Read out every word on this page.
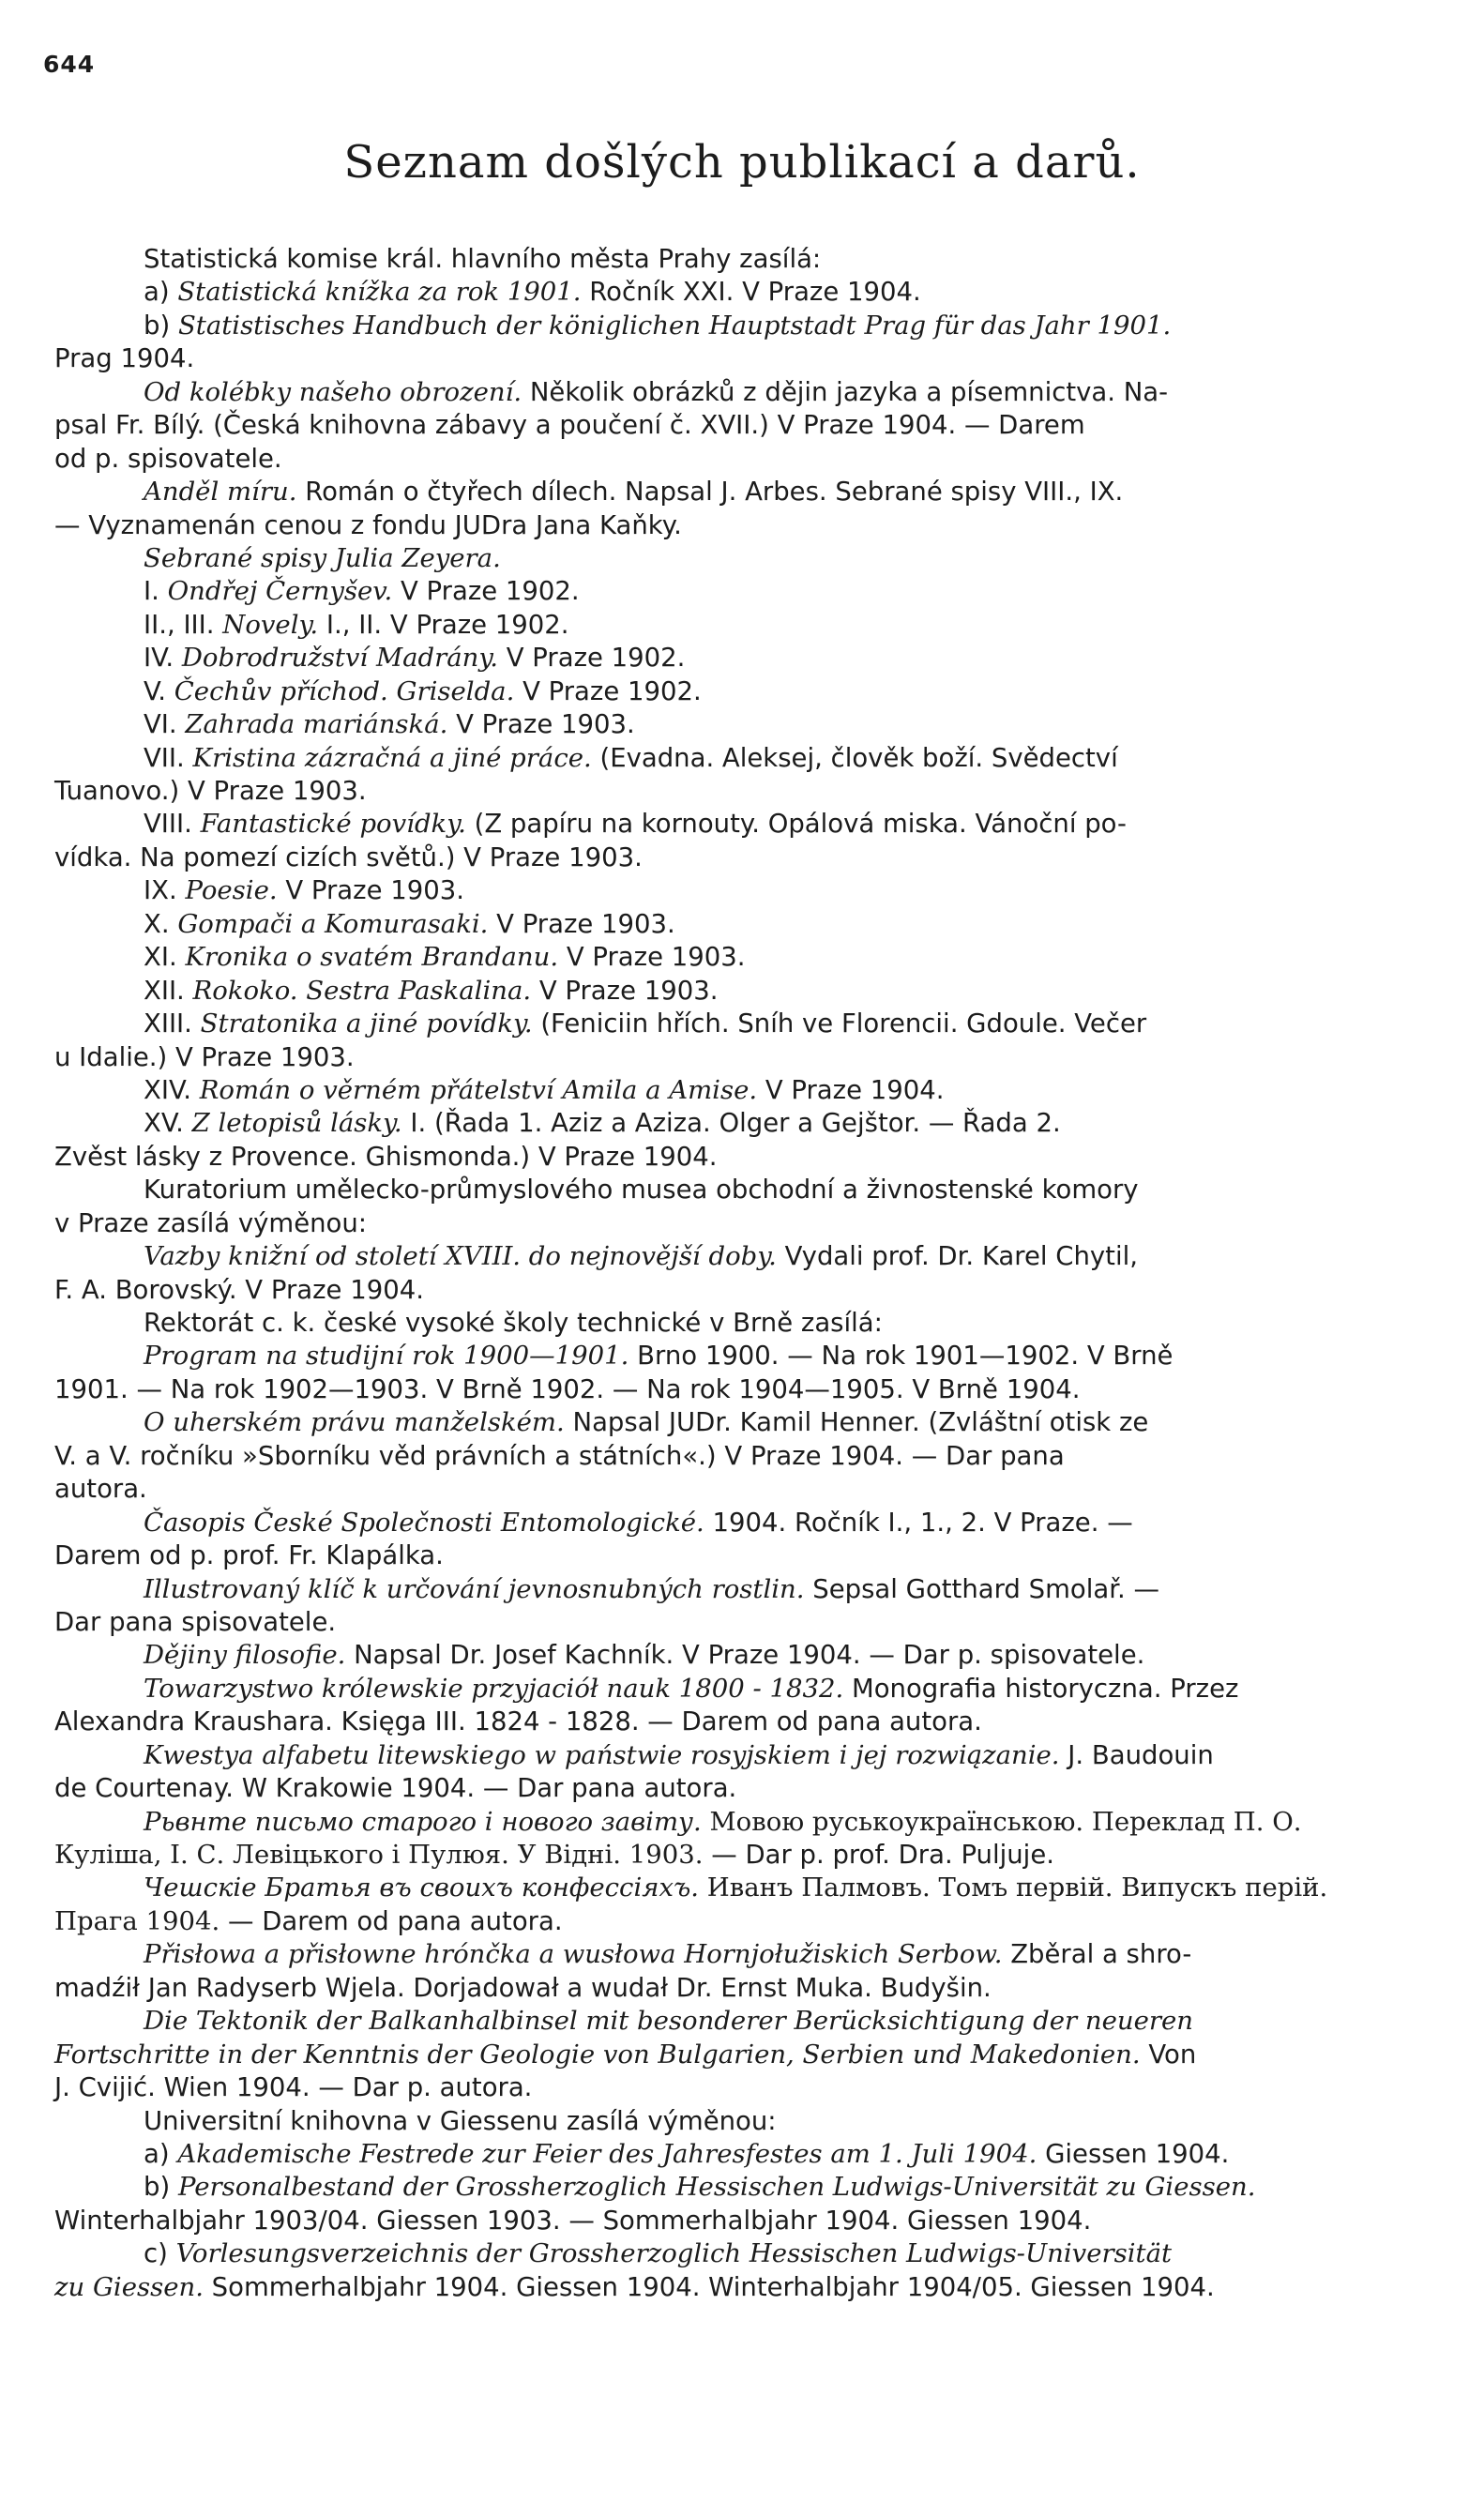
644
Seznam došlých publikací a darů.
Statistická komise král. hlavního města Prahy zasílá:
a) Statistická knížka za rok 1901. Ročník XXI. V Praze 1904.
b) Statistisches Handbuch der königlichen Hauptstadt Prag für das Jahr 1901.
Prag 1904.
Od kolébky našeho obrození. Několik obrázků z dějin jazyka a písemnictva. Na-
psal Fr. Bílý. (Česká knihovna zábavy a poučení č. XVII.) V Praze 1904. — Darem
od p. spisovatele.
Anděl míru. Román o čtyřech dílech. Napsal J. Arbes. Sebrané spisy VIII., IX.
— Vyznamenán cenou z fondu JUDra Jana Kaňky.
Sebrané spisy Julia Zeyera.
I. Ondřej Černyšev. V Praze 1902.
II., III. Novely. I., II. V Praze 1902.
IV. Dobrodružství Madrány. V Praze 1902.
V. Čechův příchod. Griselda. V Praze 1902.
VI. Zahrada mariánská. V Praze 1903.
VII. Kristina zázračná a jiné práce. (Evadna. Aleksej, člověk boží. Svědectví
Tuanovo.) V Praze 1903.
VIII. Fantastické povídky. (Z papíru na kornouty. Opálová miska. Vánoční po-
vídka. Na pomezí cizích světů.) V Praze 1903.
IX. Poesie. V Praze 1903.
X. Gompači a Komurasaki. V Praze 1903.
XI. Kronika o svatém Brandanu. V Praze 1903.
XII. Rokoko. Sestra Paskalina. V Praze 1903.
XIII. Stratonika a jiné povídky. (Feniciin hřích. Sníh ve Florencii. Gdoule. Večer
u Idalie.) V Praze 1903.
XIV. Román o věrném přátelství Amila a Amise. V Praze 1904.
XV. Z letopisů lásky. I. (Řada 1. Aziz a Aziza. Olger a Gejštor. — Řada 2.
Zvěst lásky z Provence. Ghismonda.) V Praze 1904.
Kuratorium umělecko-průmyslového musea obchodní a živnostenské komory
v Praze zasílá výměnou:
Vazby knižní od století XVIII. do nejnovější doby. Vydali prof. Dr. Karel Chytil,
F. A. Borovský. V Praze 1904.
Rektorát c. k. české vysoké školy technické v Brně zasílá:
Program na studijní rok 1900—1901. Brno 1900. — Na rok 1901—1902. V Brně
1901. — Na rok 1902—1903. V Brně 1902. — Na rok 1904—1905. V Brně 1904.
O uherském právu manželském. Napsal JUDr. Kamil Henner. (Zvláštní otisk ze
V. a V. ročníku »Sborníku věd právních a státních«.) V Praze 1904. — Dar pana
autora.
Časopis České Společnosti Entomologické. 1904. Ročník I., 1., 2. V Praze. —
Darem od p. prof. Fr. Klapálka.
Illustrovaný klíč k určování jevnosnubných rostlin. Sepsal Gotthard Smolař. —
Dar pana spisovatele.
Dějiny filosofie. Napsal Dr. Josef Kachník. V Praze 1904. — Dar p. spisovatele.
Towarzystwo królewskie przyjaciół nauk 1800 - 1832. Monografia historyczna. Przez
Alexandra Kraushara. Księga III. 1824 - 1828. — Darem od pana autora.
Kwestya alfabetu litewskiego w państwie rosyjskiem i jej rozwiązanie. J. Baudouin
de Courtenay. W Krakowie 1904. — Dar pana autora.
Рьвнте письмо старого і нового завіту. Мовою руськоукраїнською. Переклад П. О.
Куліша, І. С. Левіцького і Пулюя. У Відні. 1903. — Dar p. prof. Dra. Puljuje.
Чешскіе Братья въ своихъ конфессіяхъ. Иванъ Палмовъ. Томъ первій. Випускъ перій.
Прага 1904. — Darem od pana autora.
Přisłowa a přisłowne hrónčka a wusłowa Hornjołužiskich Serbow. Zběral a shro-
madźił Jan Radyserb Wjela. Dorjadował a wudał Dr. Ernst Muka. Budyšin.
Die Tektonik der Balkanhalbinsel mit besonderer Berücksichtigung der neueren
Fortschritte in der Kenntnis der Geologie von Bulgarien, Serbien und Makedonien. Von
J. Cvijić. Wien 1904. — Dar p. autora.
Universitní knihovna v Giessenu zasílá výměnou:
a) Akademische Festrede zur Feier des Jahresfestes am 1. Juli 1904. Giessen 1904.
b) Personalbestand der Grossherzoglich Hessischen Ludwigs-Universität zu Giessen.
Winterhalbjahr 1903/04. Giessen 1903. — Sommerhalbjahr 1904. Giessen 1904.
c) Vorlesungsverzeichnis der Grossherzoglich Hessischen Ludwigs-Universität
zu Giessen. Sommerhalbjahr 1904. Giessen 1904. Winterhalbjahr 1904/05. Giessen 1904.
